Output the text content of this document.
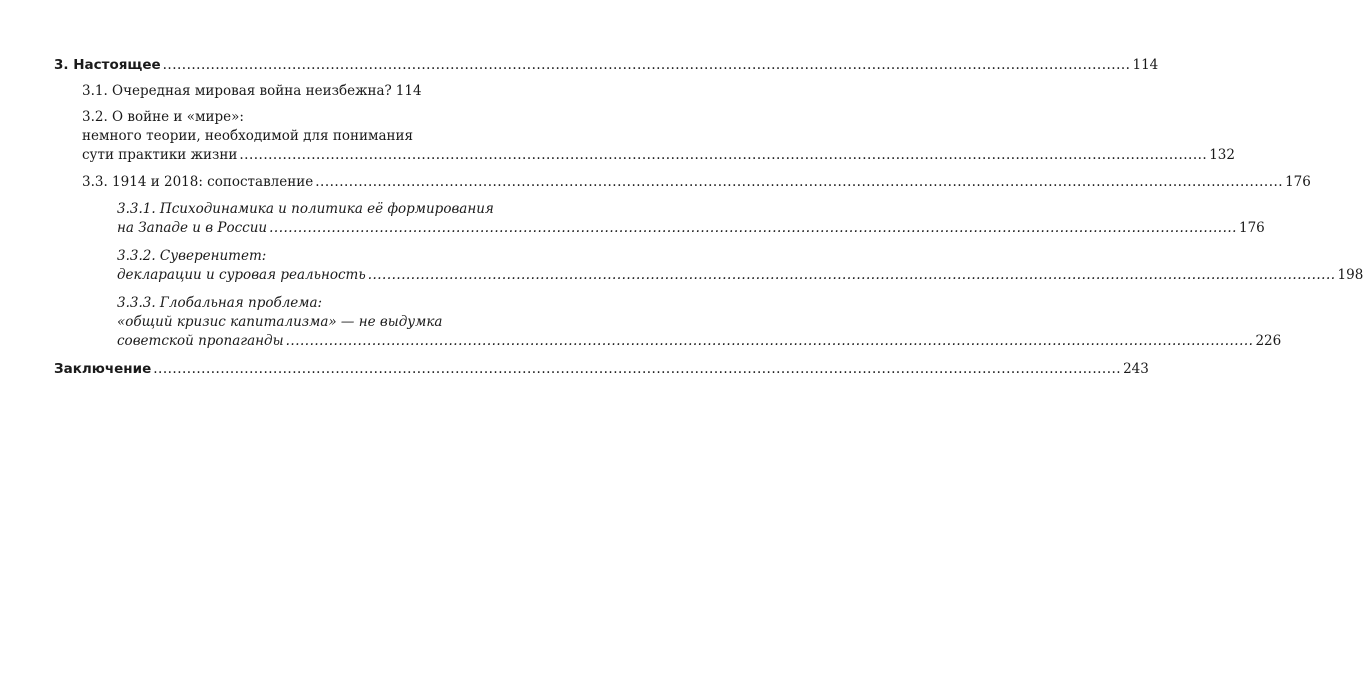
3. Настоящее .....	114
3.1. Очередная мировая война неизбежна? 114
3.2. О войне и «мире»:
немного теории, необходимой для понимания
сути практики жизни .....	132
3.3. 1914 и 2018: сопоставление .....	176
3.3.1. Психодинамика и политика её формирования
на Западе и в России .....	176
3.3.2. Суверенитет:
декларации и суровая реальность .....	198
3.3.3. Глобальная проблема:
«общий кризис капитализма» — не выдумка
советской пропаганды .....	226
Заключение .....	243
